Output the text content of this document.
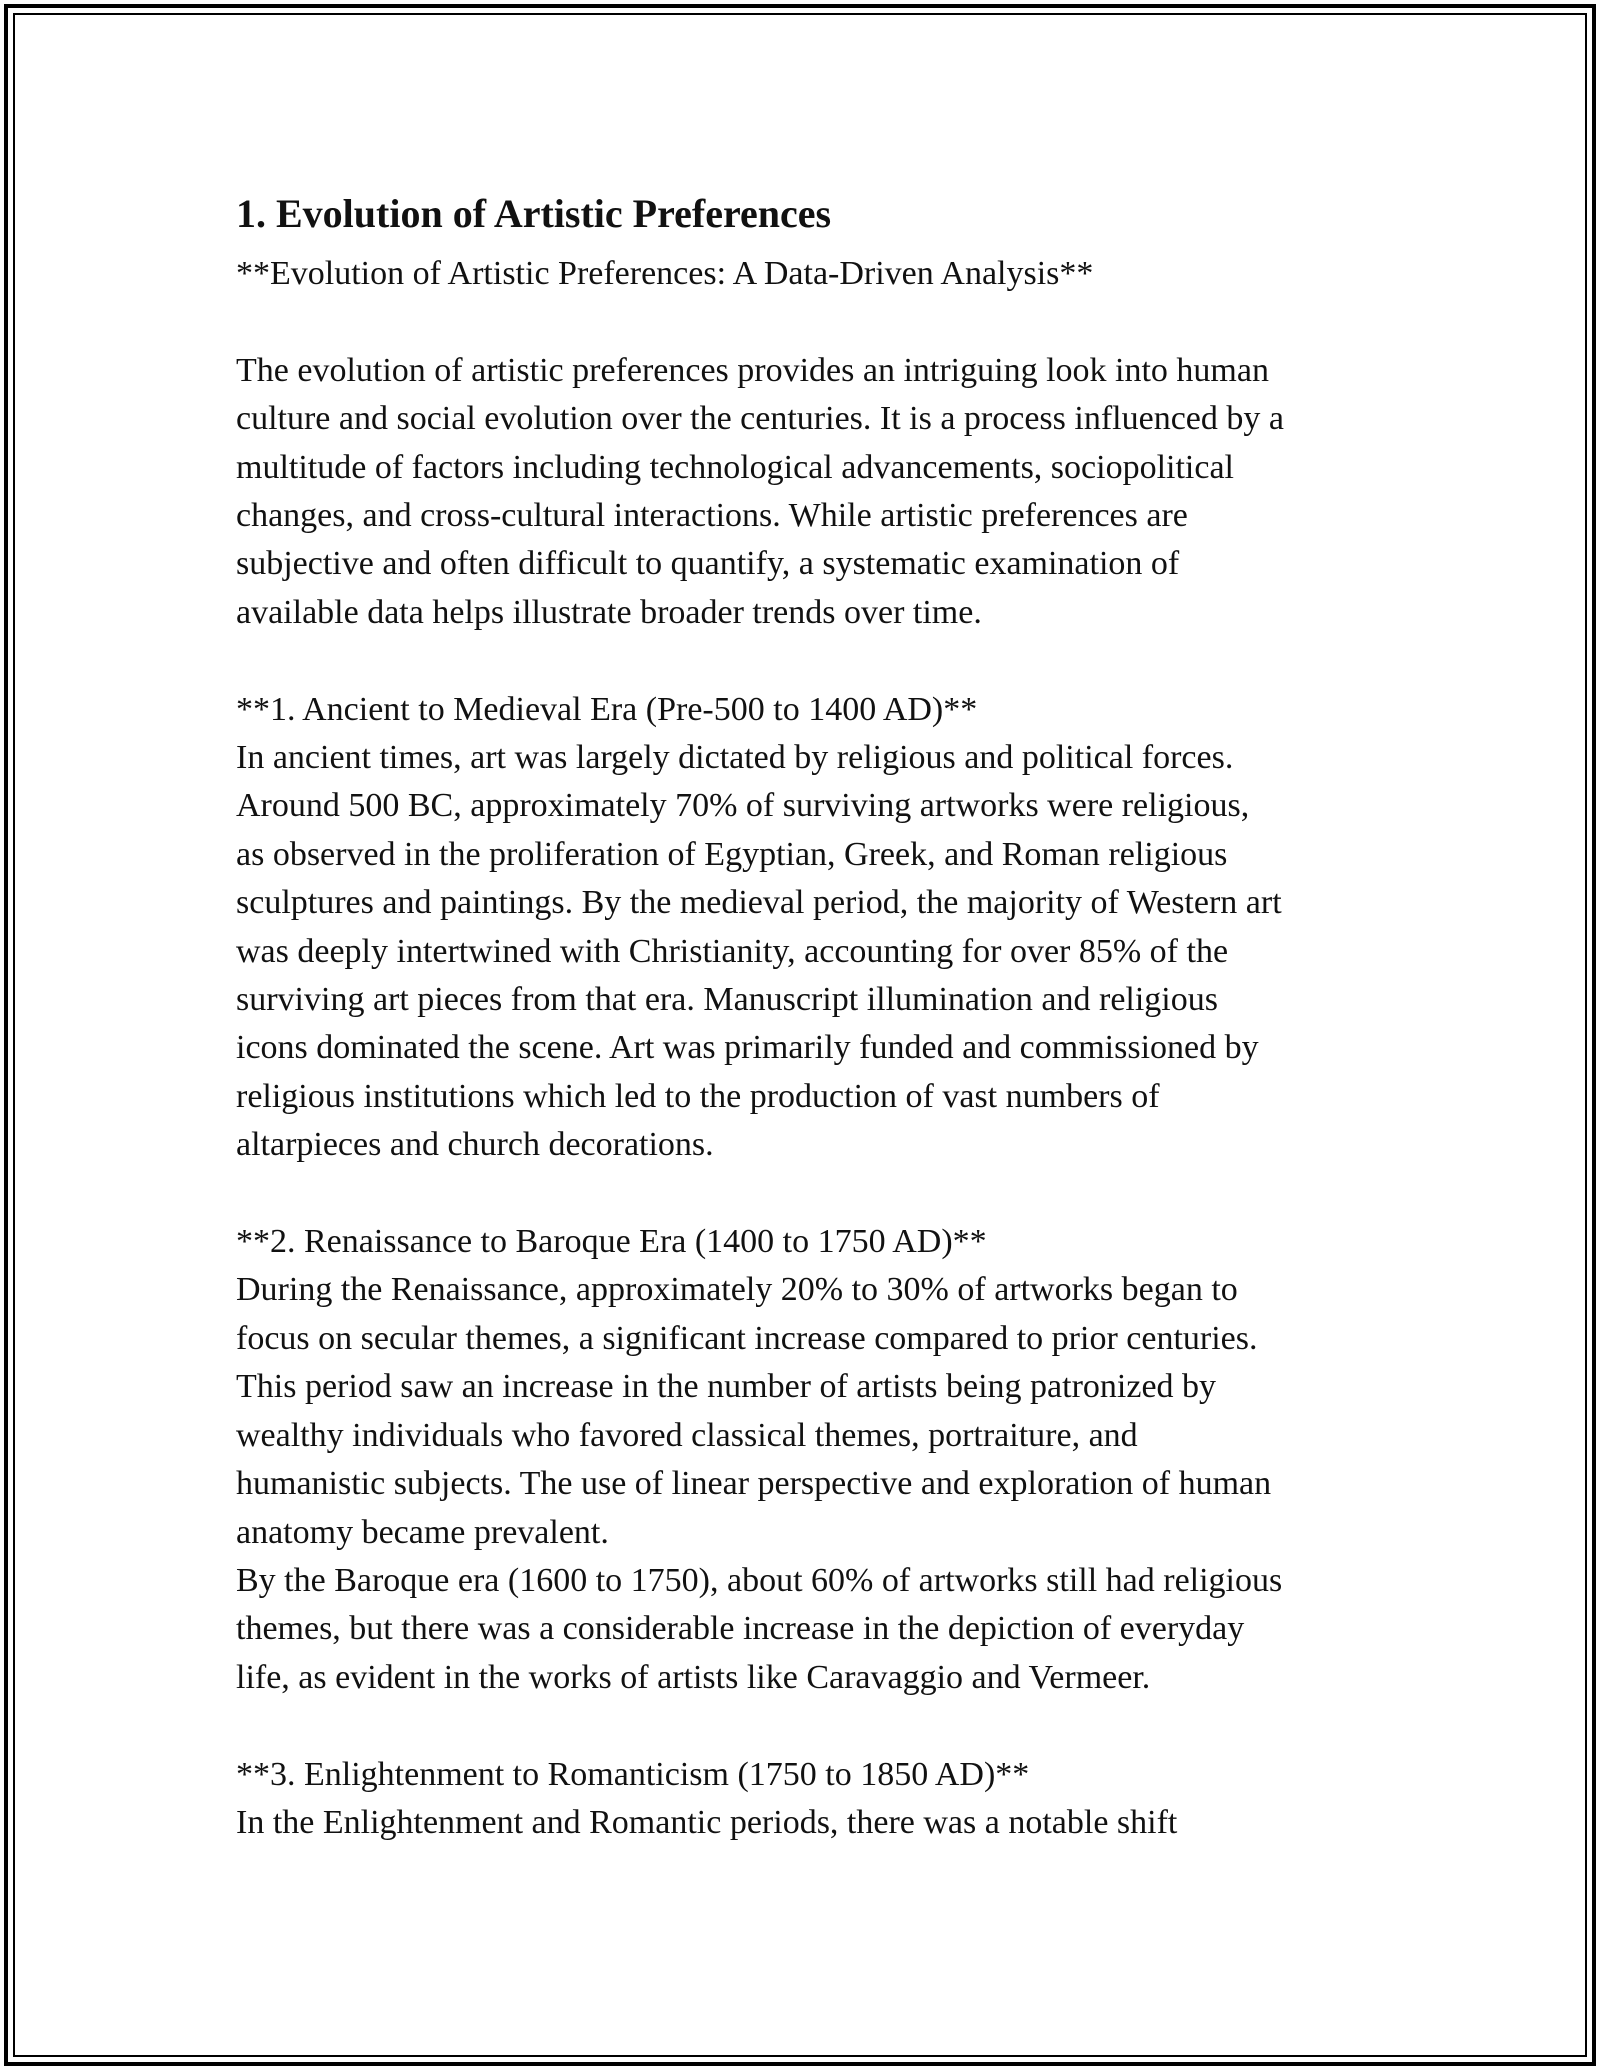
1. Evolution of Artistic Preferences

**Evolution of Artistic Preferences: A Data-Driven Analysis**

The evolution of artistic preferences provides an intriguing look into human

culture and social evolution over the centuries. It is a process influenced by a

multitude of factors including technological advancements, sociopolitical

changes, and cross-cultural interactions. While artistic preferences are

subjective and often difficult to quantify, a systematic examination of

available data helps illustrate broader trends over time.

**1. Ancient to Medieval Era (Pre-500 to 1400 AD)**

In ancient times, art was largely dictated by religious and political forces.

Around 500 BC, approximately 70% of surviving artworks were religious,

as observed in the proliferation of Egyptian, Greek, and Roman religious

sculptures and paintings. By the medieval period, the majority of Western art

was deeply intertwined with Christianity, accounting for over 85% of the

surviving art pieces from that era. Manuscript illumination and religious

icons dominated the scene. Art was primarily funded and commissioned by

religious institutions which led to the production of vast numbers of

altarpieces and church decorations.

**2. Renaissance to Baroque Era (1400 to 1750 AD)**

During the Renaissance, approximately 20% to 30% of artworks began to

focus on secular themes, a significant increase compared to prior centuries.

This period saw an increase in the number of artists being patronized by

wealthy individuals who favored classical themes, portraiture, and

humanistic subjects. The use of linear perspective and exploration of human

anatomy became prevalent.

By the Baroque era (1600 to 1750), about 60% of artworks still had religious

themes, but there was a considerable increase in the depiction of everyday

life, as evident in the works of artists like Caravaggio and Vermeer.

**3. Enlightenment to Romanticism (1750 to 1850 AD)**

In the Enlightenment and Romantic periods, there was a notable shift
